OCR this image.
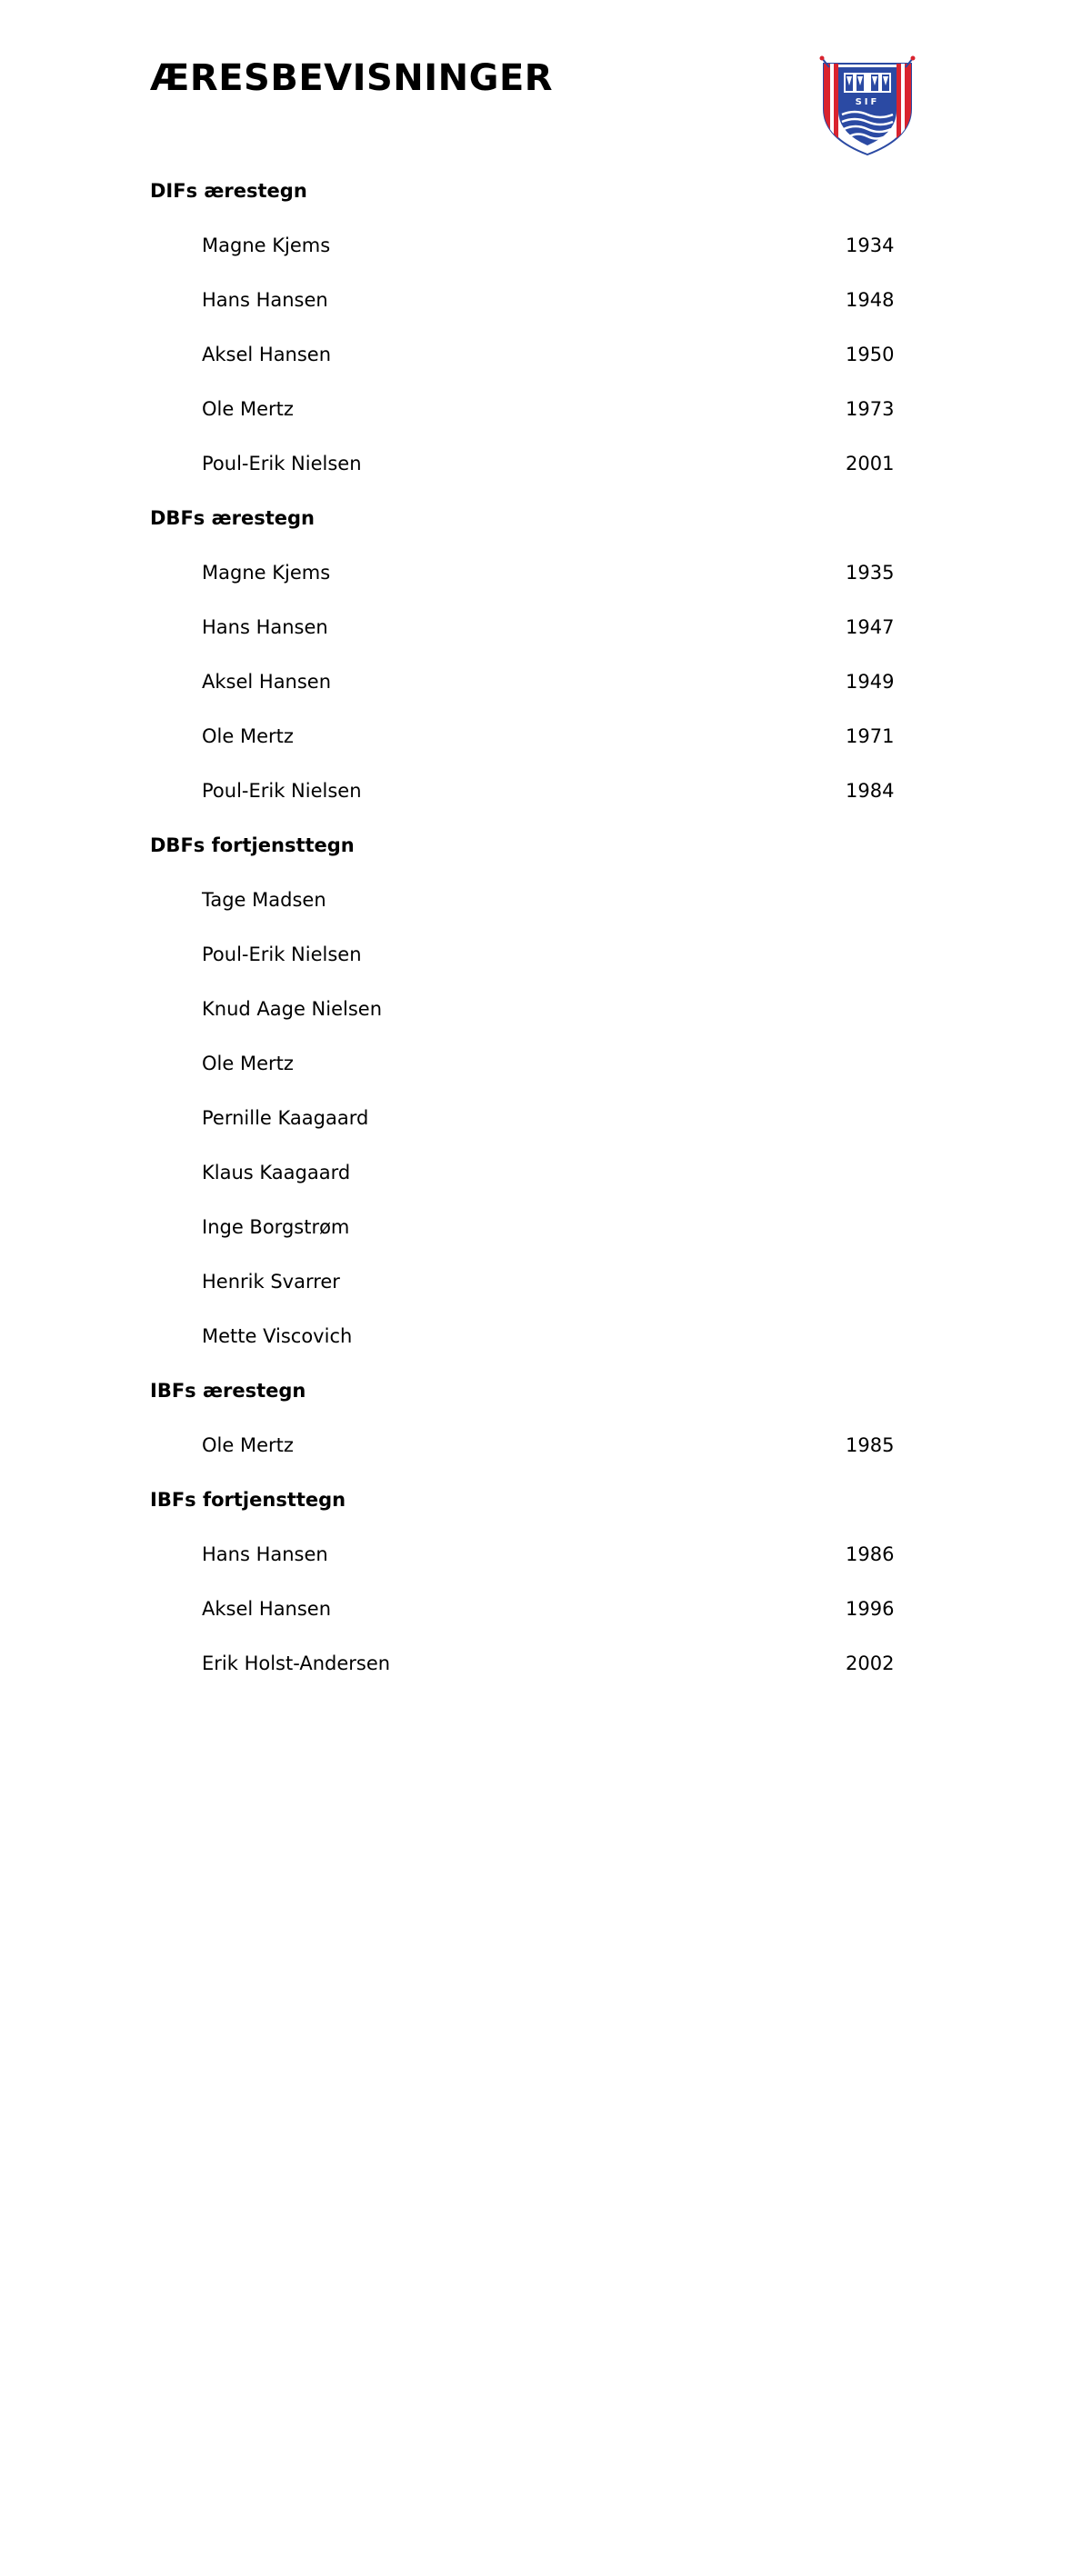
ÆRESBEVISNINGER
SIF
DIFs ærestegn
Magne Kjems	1934
Hans Hansen	1948
Aksel Hansen	1950
Ole Mertz	1973
Poul-Erik Nielsen	2001
DBFs ærestegn
Magne Kjems	1935
Hans Hansen	1947
Aksel Hansen	1949
Ole Mertz	1971
Poul-Erik Nielsen	1984
DBFs fortjensttegn
Tage Madsen
Poul-Erik Nielsen
Knud Aage Nielsen
Ole Mertz
Pernille Kaagaard
Klaus Kaagaard
Inge Borgstrøm
Henrik Svarrer
Mette Viscovich
IBFs ærestegn
Ole Mertz	1985
IBFs fortjensttegn
Hans Hansen	1986
Aksel Hansen	1996
Erik Holst-Andersen	2002
